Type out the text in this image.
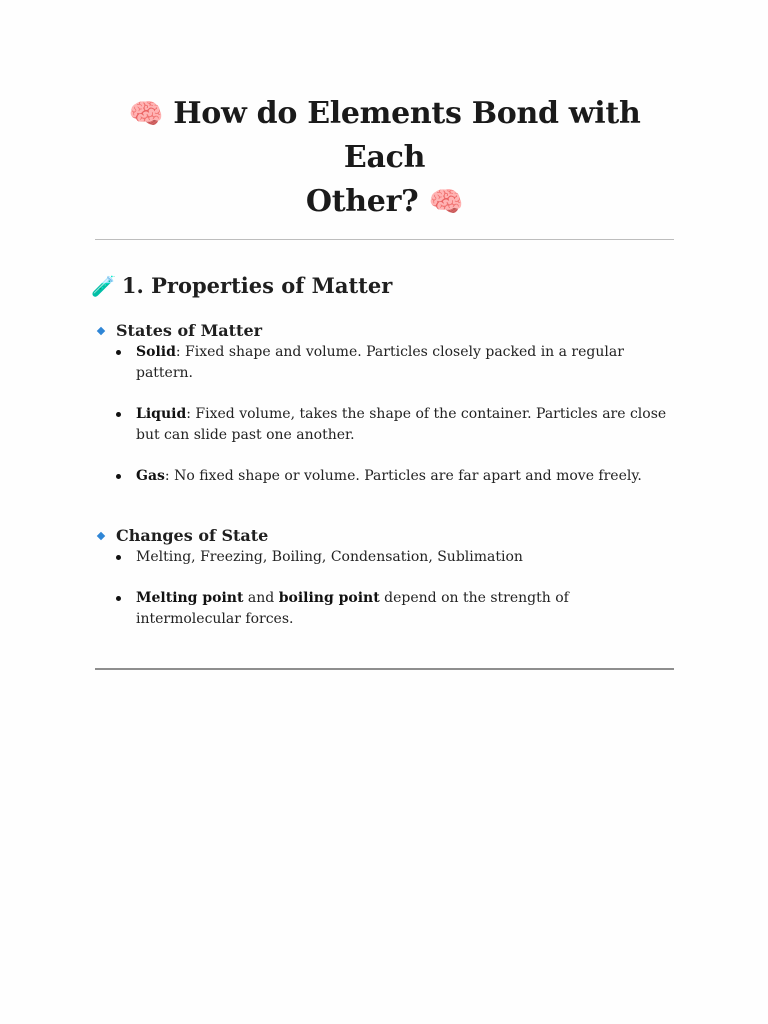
🧠 How do Elements Bond with Each
Other? 🧠
🧪 1. Properties of Matter
States of Matter
Solid: Fixed shape and volume. Particles closely packed in a regular pattern.
Liquid: Fixed volume, takes the shape of the container. Particles are close but can slide past one another.
Gas: No fixed shape or volume. Particles are far apart and move freely.
Changes of State
Melting, Freezing, Boiling, Condensation, Sublimation
Melting point and boiling point depend on the strength of intermolecular forces.
